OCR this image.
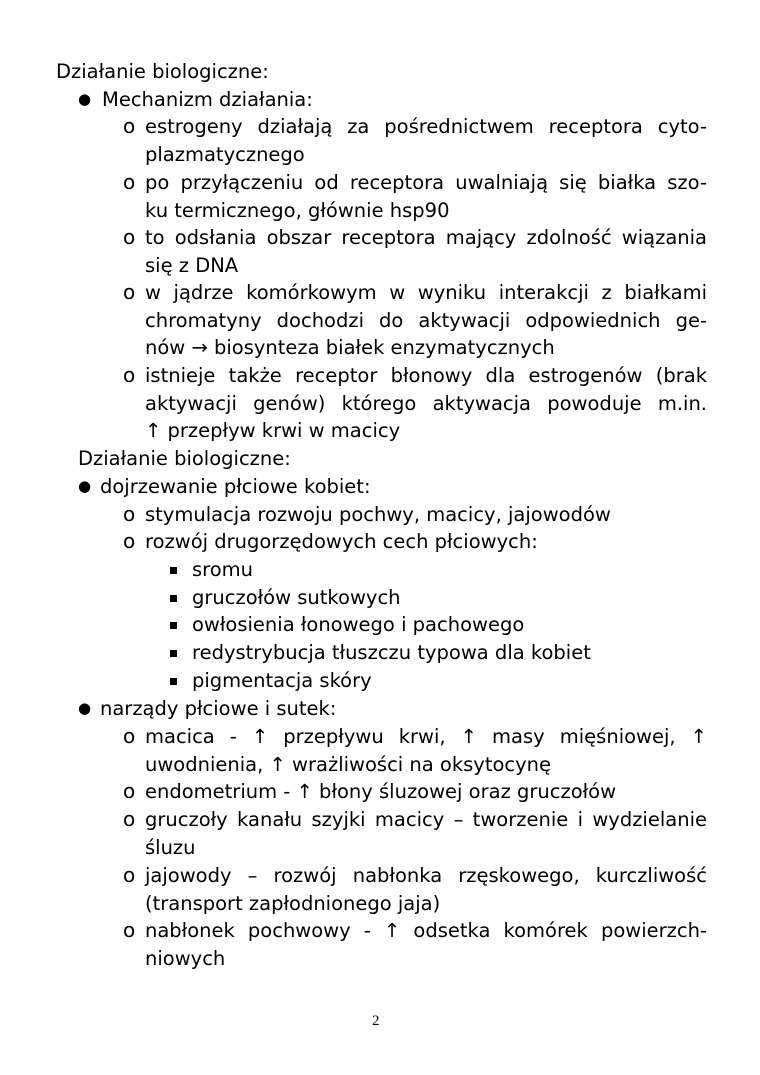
Działanie biologiczne:
● Mechanizm działania:
o estrogeny działają za pośrednictwem receptora cyto-
plazmatycznego
o po przyłączeniu od receptora uwalniają się białka szo-
ku termicznego, głównie hsp90
o to odsłania obszar receptora mający zdolność wiązania
się z DNA
o w jądrze komórkowym w wyniku interakcji z białkami
chromatyny dochodzi do aktywacji odpowiednich ge-
nów → biosynteza białek enzymatycznych
o istnieje także receptor błonowy dla estrogenów (brak
aktywacji genów) którego aktywacja powoduje m.in.
↑ przepływ krwi w macicy
Działanie biologiczne:
● dojrzewanie płciowe kobiet:
o stymulacja rozwoju pochwy, macicy, jajowodów
o rozwój drugorzędowych cech płciowych:
sromu
gruczołów sutkowych
owłosienia łonowego i pachowego
redystrybucja tłuszczu typowa dla kobiet
pigmentacja skóry
● narządy płciowe i sutek:
o macica - ↑ przepływu krwi, ↑ masy mięśniowej, ↑
uwodnienia, ↑ wrażliwości na oksytocynę
o endometrium - ↑ błony śluzowej oraz gruczołów
o gruczoły kanału szyjki macicy – tworzenie i wydzielanie
śluzu
o jajowody – rozwój nabłonka rzęskowego, kurczliwość
(transport zapłodnionego jaja)
o nabłonek pochwowy - ↑ odsetka komórek powierzch-
niowych
2
